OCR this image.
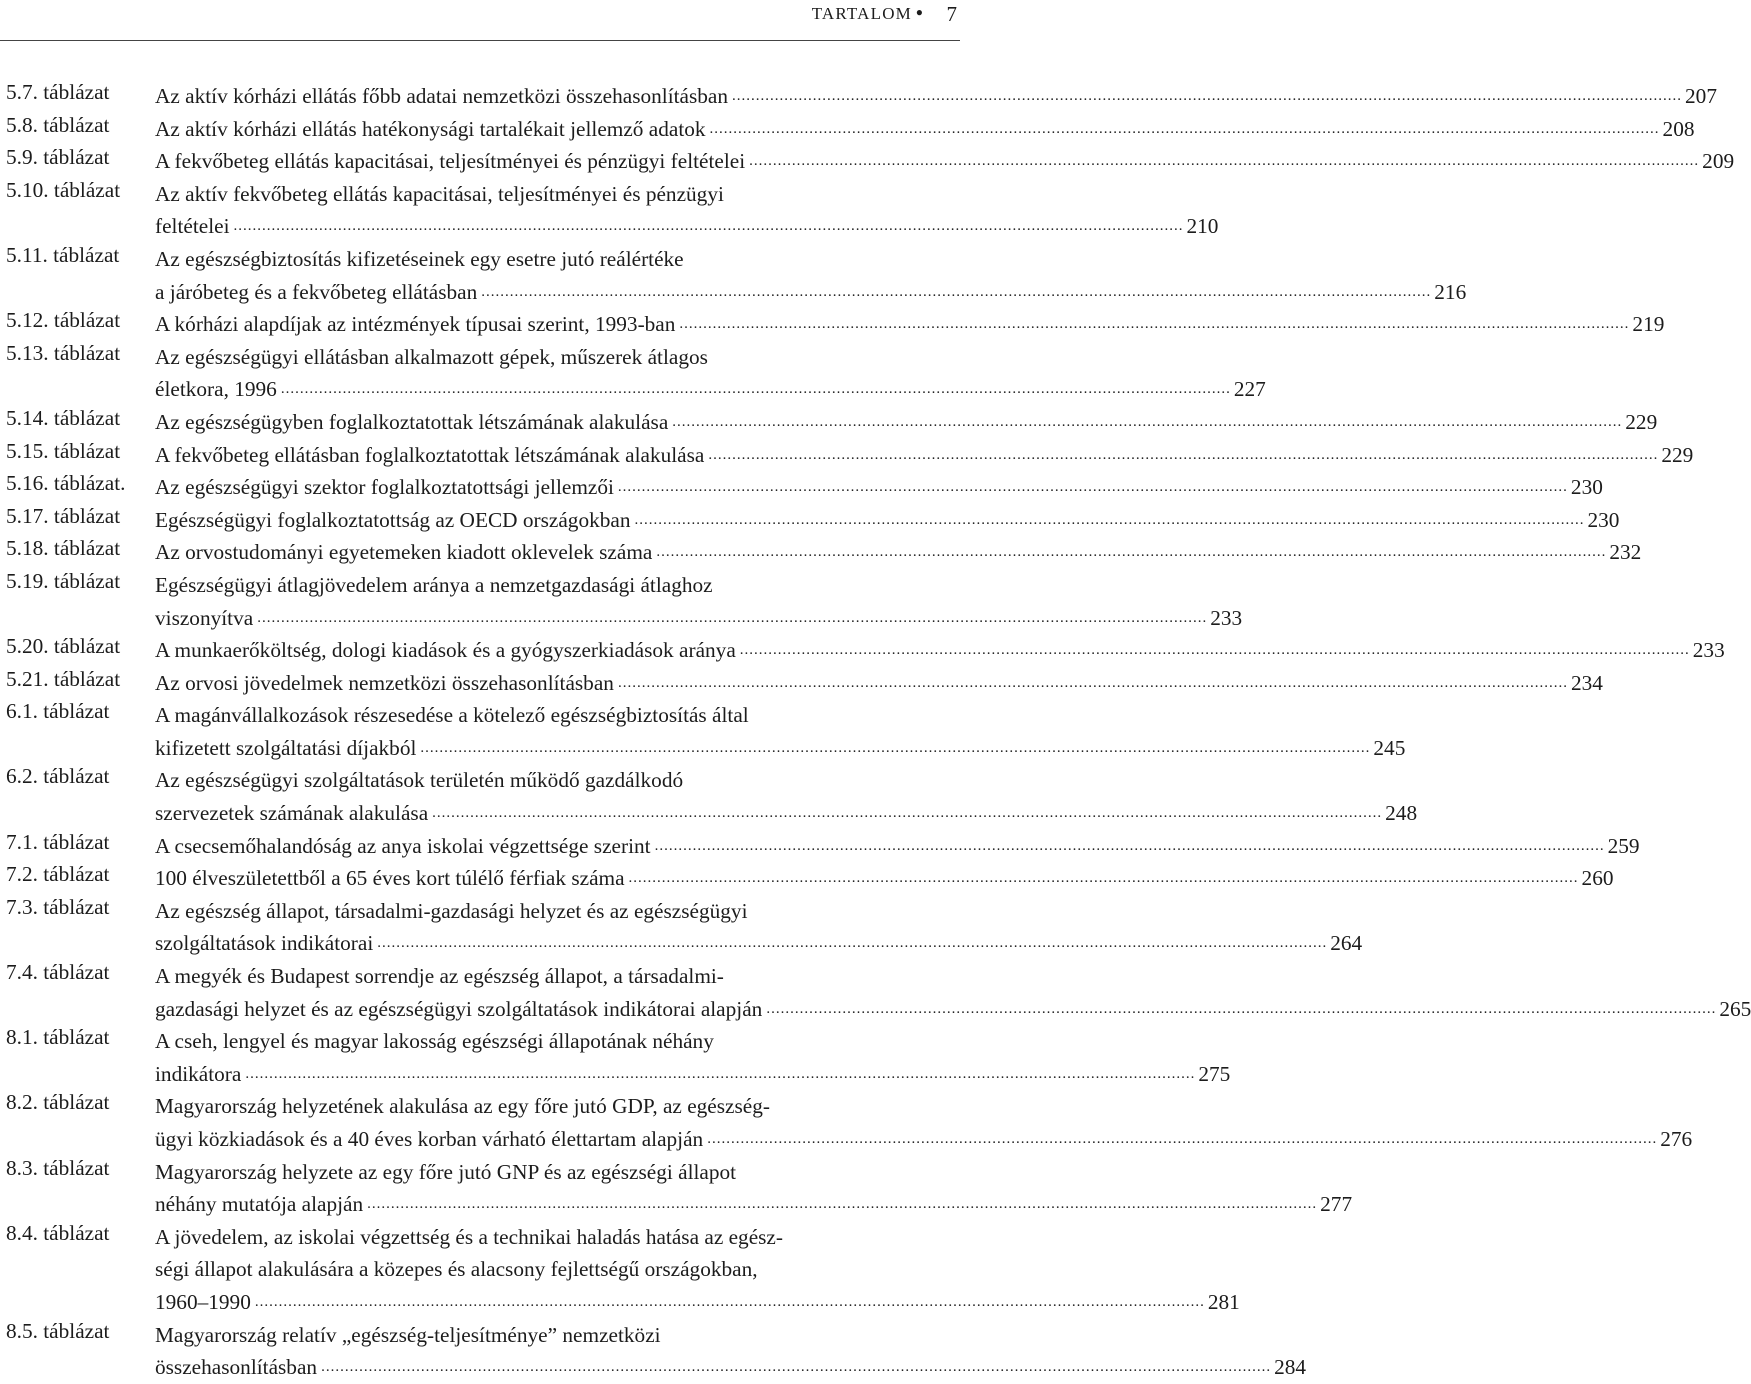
TARTALOM ● 7
5.7. táblázat	Az aktív kórházi ellátás főbb adatai nemzetközi összehasonlításban ........................................................................................................................................................................................................ 207
5.8. táblázat	Az aktív kórházi ellátás hatékonysági tartalékait jellemző adatok ........................................................................................................................................................................................................ 208
5.9. táblázat	A fekvőbeteg ellátás kapacitásai, teljesítményei és pénzügyi feltételei ........................................................................................................................................................................................................ 209
5.10. táblázat	Az aktív fekvőbeteg ellátás kapacitásai, teljesítményei és pénzügyi
feltételei ........................................................................................................................................................................................................ 210
5.11. táblázat	Az egészségbiztosítás kifizetéseinek egy esetre jutó reálértéke
a járóbeteg és a fekvőbeteg ellátásban ........................................................................................................................................................................................................ 216
5.12. táblázat	A kórházi alapdíjak az intézmények típusai szerint, 1993-ban ........................................................................................................................................................................................................ 219
5.13. táblázat	Az egészségügyi ellátásban alkalmazott gépek, műszerek átlagos
életkora, 1996 ........................................................................................................................................................................................................ 227
5.14. táblázat	Az egészségügyben foglalkoztatottak létszámának alakulása ........................................................................................................................................................................................................ 229
5.15. táblázat	A fekvőbeteg ellátásban foglalkoztatottak létszámának alakulása ........................................................................................................................................................................................................ 229
5.16. táblázat.	Az egészségügyi szektor foglalkoztatottsági jellemzői ........................................................................................................................................................................................................ 230
5.17. táblázat	Egészségügyi foglalkoztatottság az OECD országokban ........................................................................................................................................................................................................ 230
5.18. táblázat	Az orvostudományi egyetemeken kiadott oklevelek száma ........................................................................................................................................................................................................ 232
5.19. táblázat	Egészségügyi átlagjövedelem aránya a nemzetgazdasági átlaghoz
viszonyítva ........................................................................................................................................................................................................ 233
5.20. táblázat	A munkaerőköltség, dologi kiadások és a gyógyszerkiadások aránya ........................................................................................................................................................................................................ 233
5.21. táblázat	Az orvosi jövedelmek nemzetközi összehasonlításban ........................................................................................................................................................................................................ 234
6.1. táblázat	A magánvállalkozások részesedése a kötelező egészségbiztosítás által
kifizetett szolgáltatási díjakból ........................................................................................................................................................................................................ 245
6.2. táblázat	Az egészségügyi szolgáltatások területén működő gazdálkodó
szervezetek számának alakulása ........................................................................................................................................................................................................ 248
7.1. táblázat	A csecsemőhalandóság az anya iskolai végzettsége szerint ........................................................................................................................................................................................................ 259
7.2. táblázat	100 élveszületettből a 65 éves kort túlélő férfiak száma ........................................................................................................................................................................................................ 260
7.3. táblázat	Az egészség állapot, társadalmi-gazdasági helyzet és az egészségügyi
szolgáltatások indikátorai ........................................................................................................................................................................................................ 264
7.4. táblázat	A megyék és Budapest sorrendje az egészség állapot, a társadalmi-
gazdasági helyzet és az egészségügyi szolgáltatások indikátorai alapján ........................................................................................................................................................................................................ 265
8.1. táblázat	A cseh, lengyel és magyar lakosság egészségi állapotának néhány
indikátora ........................................................................................................................................................................................................ 275
8.2. táblázat	Magyarország helyzetének alakulása az egy főre jutó GDP, az egészség-
ügyi közkiadások és a 40 éves korban várható élettartam alapján ........................................................................................................................................................................................................ 276
8.3. táblázat	Magyarország helyzete az egy főre jutó GNP és az egészségi állapot
néhány mutatója alapján ........................................................................................................................................................................................................ 277
8.4. táblázat	A jövedelem, az iskolai végzettség és a technikai haladás hatása az egész-
ségi állapot alakulására a közepes és alacsony fejlettségű országokban,
1960–1990 ........................................................................................................................................................................................................ 281
8.5. táblázat	Magyarország relatív „egészség-teljesítménye” nemzetközi
összehasonlításban ........................................................................................................................................................................................................ 284
